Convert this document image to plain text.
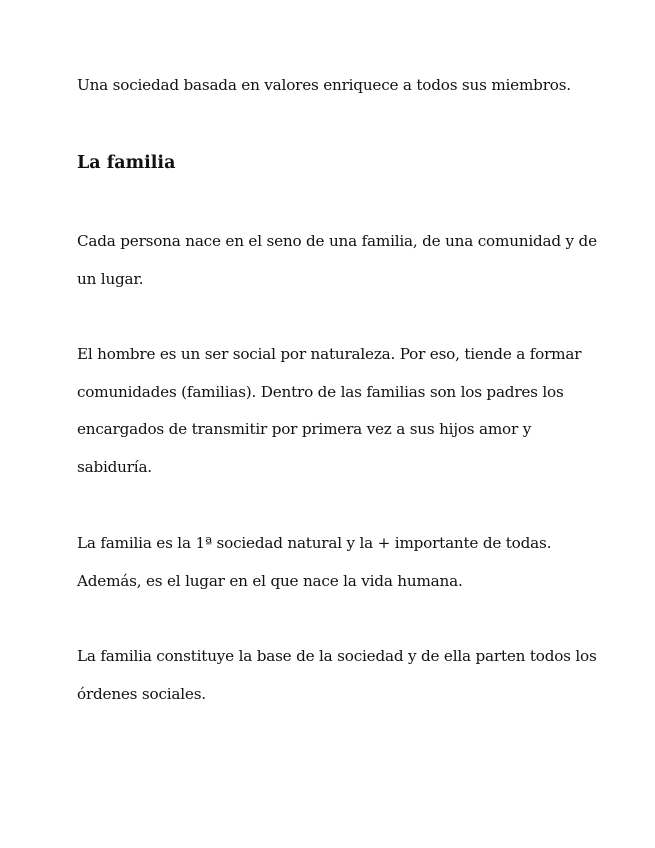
Una sociedad basada en valores enriquece a todos sus miembros.

La familia

Cada persona nace en el seno de una familia, de una comunidad y de
un lugar.

El hombre es un ser social por naturaleza. Por eso, tiende a formar
comunidades (familias). Dentro de las familias son los padres los
encargados de transmitir por primera vez a sus hijos amor y
sabiduría.

La familia es la 1ª sociedad natural y la + importante de todas.
Además, es el lugar en el que nace la vida humana.

La familia constituye la base de la sociedad y de ella parten todos los
órdenes sociales.
